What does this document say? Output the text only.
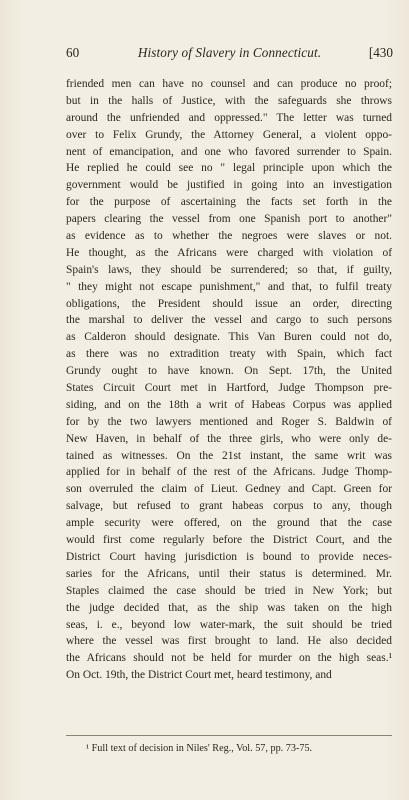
60	History of Slavery in Connecticut.	[430
friended men can have no counsel and can produce no proof;
but in the halls of Justice, with the safeguards she throws
around the unfriended and oppressed." The letter was turned
over to Felix Grundy, the Attorney General, a violent oppo-
nent of emancipation, and one who favored surrender to Spain.
He replied he could see no " legal principle upon which the
government would be justified in going into an investigation
for the purpose of ascertaining the facts set forth in the
papers clearing the vessel from one Spanish port to another"
as evidence as to whether the negroes were slaves or not.
He thought, as the Africans were charged with violation of
Spain's laws, they should be surrendered; so that, if guilty,
" they might not escape punishment," and that, to fulfil treaty
obligations, the President should issue an order, directing
the marshal to deliver the vessel and cargo to such persons
as Calderon should designate. This Van Buren could not do,
as there was no extradition treaty with Spain, which fact
Grundy ought to have known. On Sept. 17th, the United
States Circuit Court met in Hartford, Judge Thompson pre-
siding, and on the 18th a writ of Habeas Corpus was applied
for by the two lawyers mentioned and Roger S. Baldwin of
New Haven, in behalf of the three girls, who were only de-
tained as witnesses. On the 21st instant, the same writ was
applied for in behalf of the rest of the Africans. Judge Thomp-
son overruled the claim of Lieut. Gedney and Capt. Green for
salvage, but refused to grant habeas corpus to any, though
ample security were offered, on the ground that the case
would first come regularly before the District Court, and the
District Court having jurisdiction is bound to provide neces-
saries for the Africans, until their status is determined. Mr.
Staples claimed the case should be tried in New York; but
the judge decided that, as the ship was taken on the high
seas, i. e., beyond low water-mark, the suit should be tried
where the vessel was first brought to land. He also decided
the Africans should not be held for murder on the high seas.¹
On Oct. 19th, the District Court met, heard testimony, and
¹ Full text of decision in Niles' Reg., Vol. 57, pp. 73-75.
